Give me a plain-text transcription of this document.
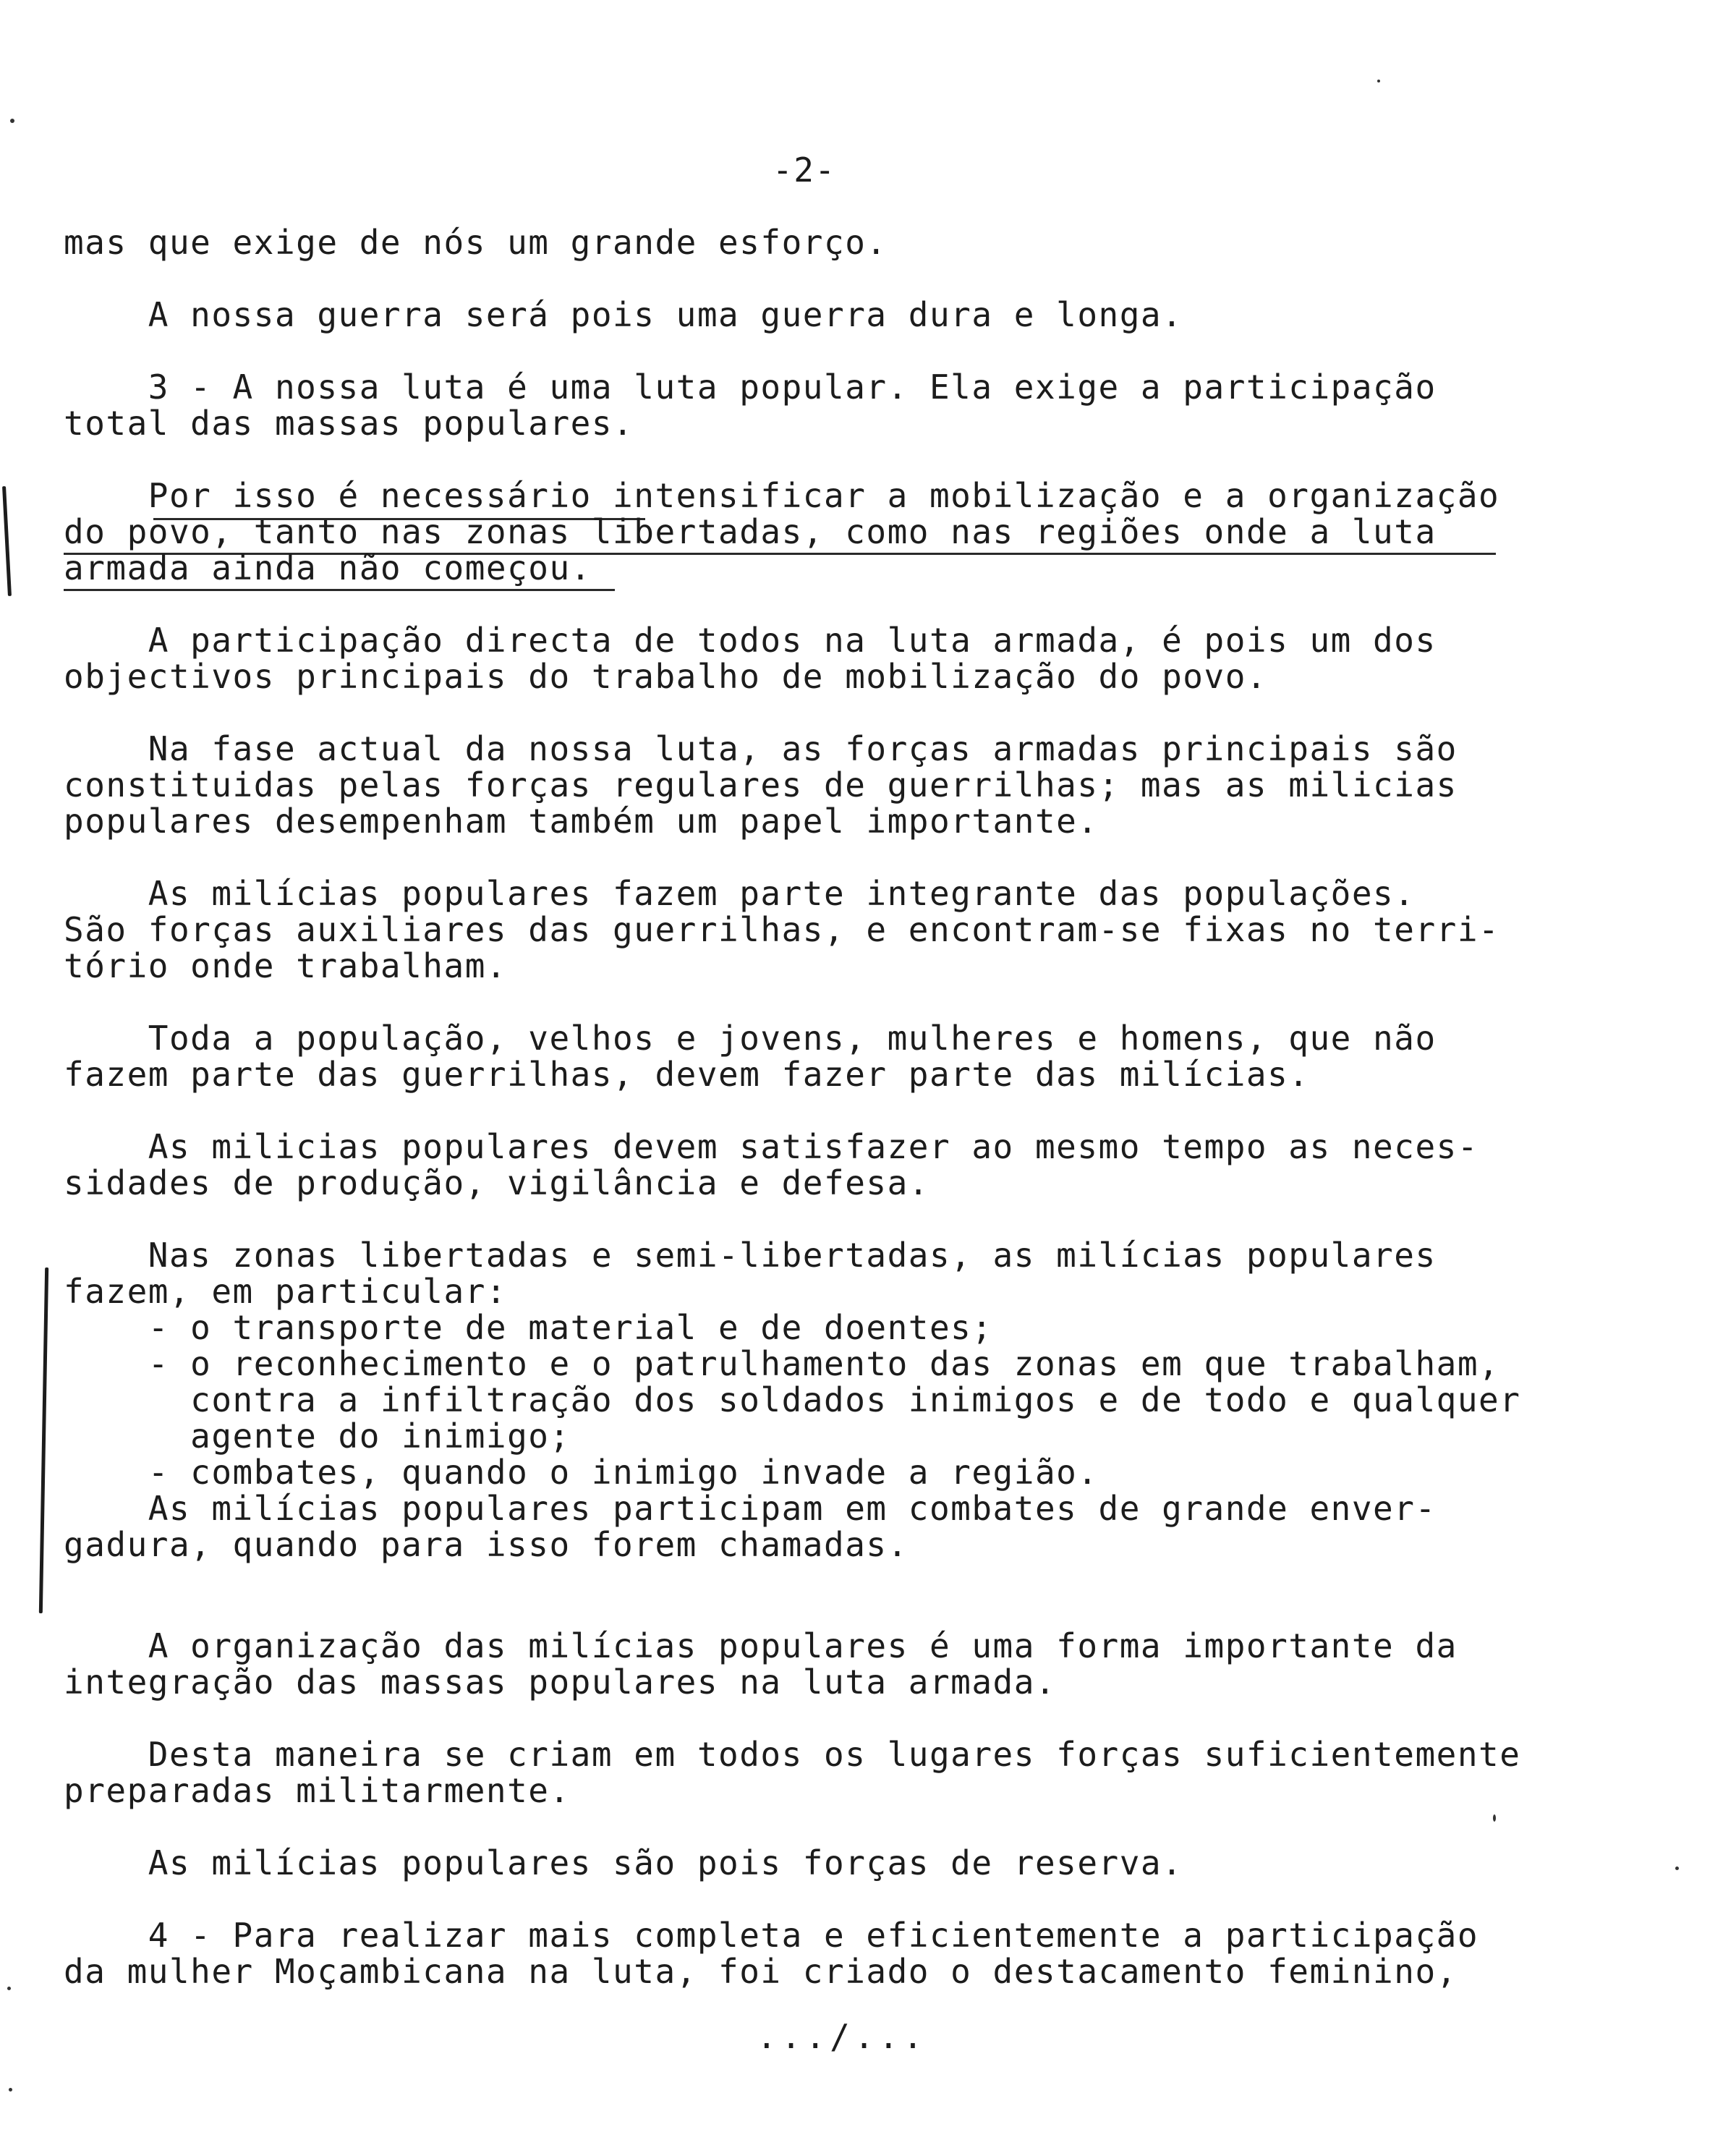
-2-
mas que exige de nós um grande esforço.
A nossa guerra será pois uma guerra dura e longa.
3 - A nossa luta é uma luta popular. Ela exige a participação
total das massas populares.
Por isso é necessário intensificar a mobilização e a organização
do povo, tanto nas zonas libertadas, como nas regiões onde a luta
armada ainda não começou.
A participação directa de todos na luta armada, é pois um dos
objectivos principais do trabalho de mobilização do povo.
Na fase actual da nossa luta, as forças armadas principais são
constituidas pelas forças regulares de guerrilhas; mas as milicias
populares desempenham também um papel importante.
As milícias populares fazem parte integrante das populações.
São forças auxiliares das guerrilhas, e encontram-se fixas no terri-
tório onde trabalham.
Toda a população, velhos e jovens, mulheres e homens, que não
fazem parte das guerrilhas, devem fazer parte das milícias.
As milicias populares devem satisfazer ao mesmo tempo as neces-
sidades de produção, vigilância e defesa.
Nas zonas libertadas e semi-libertadas, as milícias populares
fazem, em particular:
- o transporte de material e de doentes;
- o reconhecimento e o patrulhamento das zonas em que trabalham,
contra a infiltração dos soldados inimigos e de todo e qualquer
agente do inimigo;
- combates, quando o inimigo invade a região.
As milícias populares participam em combates de grande enver-
gadura, quando para isso forem chamadas.
A organização das milícias populares é uma forma importante da
integração das massas populares na luta armada.
Desta maneira se criam em todos os lugares forças suficientemente
preparadas militarmente.
As milícias populares são pois forças de reserva.
4 - Para realizar mais completa e eficientemente a participação
da mulher Moçambicana na luta, foi criado o destacamento feminino,
.../...
